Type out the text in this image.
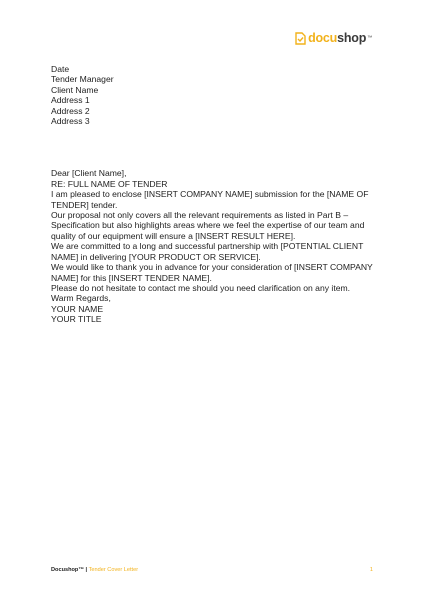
docushop™

Date

Tender Manager
Client Name
Address 1
Address 2
Address 3

Dear [Client Name],

RE: FULL NAME OF TENDER

I am pleased to enclose [INSERT COMPANY NAME] submission for the [NAME OF TENDER] tender.

Our proposal not only covers all the relevant requirements as listed in Part B – Specification but also highlights areas where we feel the expertise of our team and quality of our equipment will ensure a [INSERT RESULT HERE].

We are committed to a long and successful partnership with [POTENTIAL CLIENT NAME] in delivering [YOUR PRODUCT OR SERVICE].

We would like to thank you in advance for your consideration of [INSERT COMPANY NAME] for this [INSERT TENDER NAME].

Please do not hesitate to contact me should you need clarification on any item.

Warm Regards,

YOUR NAME

YOUR TITLE

Docushop™ | Tender Cover Letter	1
